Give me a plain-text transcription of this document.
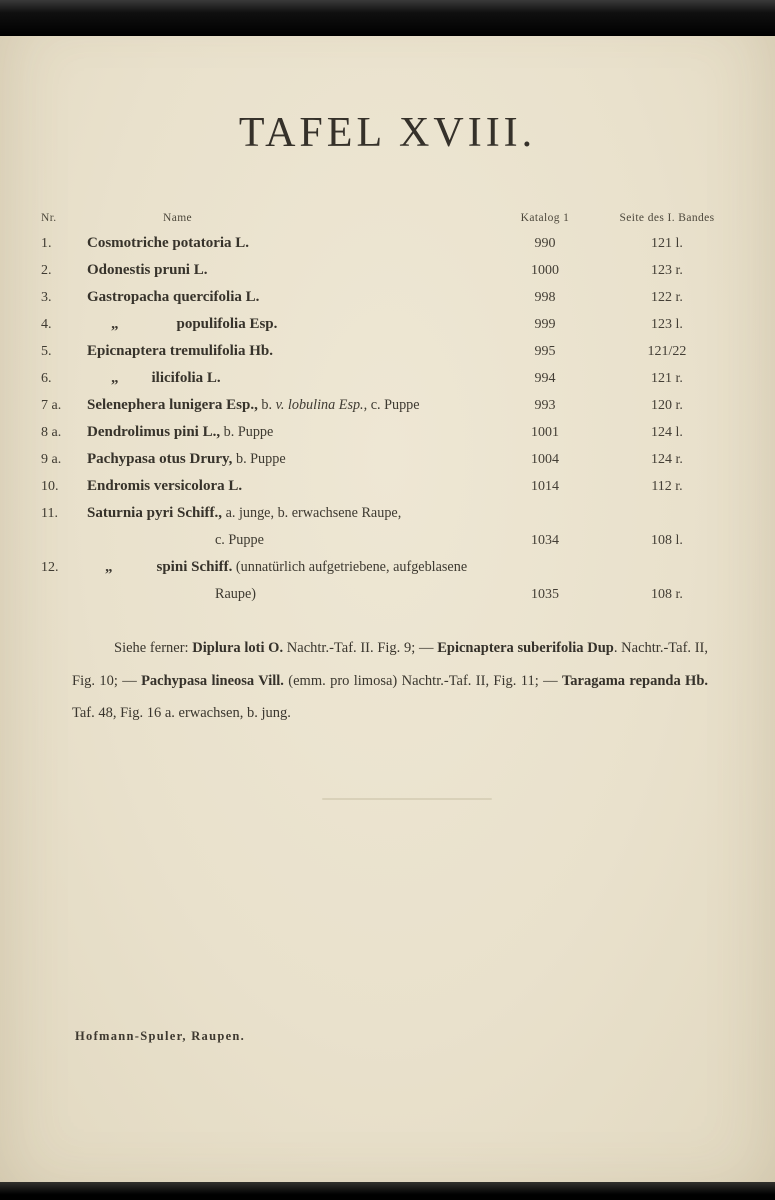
TAFEL XVIII.
Nr.	Name	Katalog 1	Seite des I. Bandes
1.	Cosmotriche potatoria L.	990	121 l.
2.	Odonestis pruni L.	1000	123 r.
3.	Gastropacha quercifolia L.	998	122 r.
4.	„	populifolia Esp.	999	123 l.
5.	Epicnaptera tremulifolia Hb.	995	121/22
6.	„ ilicifolia L.	994	121 r.
7 a.	Selenephera lunigera Esp., b. v. lobulina Esp., c. Puppe	993	120 r.
8 a.	Dendrolimus pini L., b. Puppe	1001	124 l.
9 a.	Pachypasa otus Drury, b. Puppe	1004	124 r.
10.	Endromis versicolora L.	1014	112 r.
11.	Saturnia pyri Schiff., a. junge, b. erwachsene Raupe,
c. Puppe	1034	108 l.
12.	„	spini Schiff. (unnatürlich aufgetriebene, aufgeblasene
Raupe)	1035	108 r.

Siehe ferner: Diplura loti O. Nachtr.-Taf. II. Fig. 9; — Epicnaptera suberifolia Dup. Nachtr.-Taf. II, Fig. 10; — Pachypasa lineosa Vill. (emm. pro limosa) Nachtr.-Taf. II, Fig. 11; — Taragama repanda Hb. Taf. 48, Fig. 16 a. erwachsen, b. jung.

Hofmann-Spuler, Raupen.
